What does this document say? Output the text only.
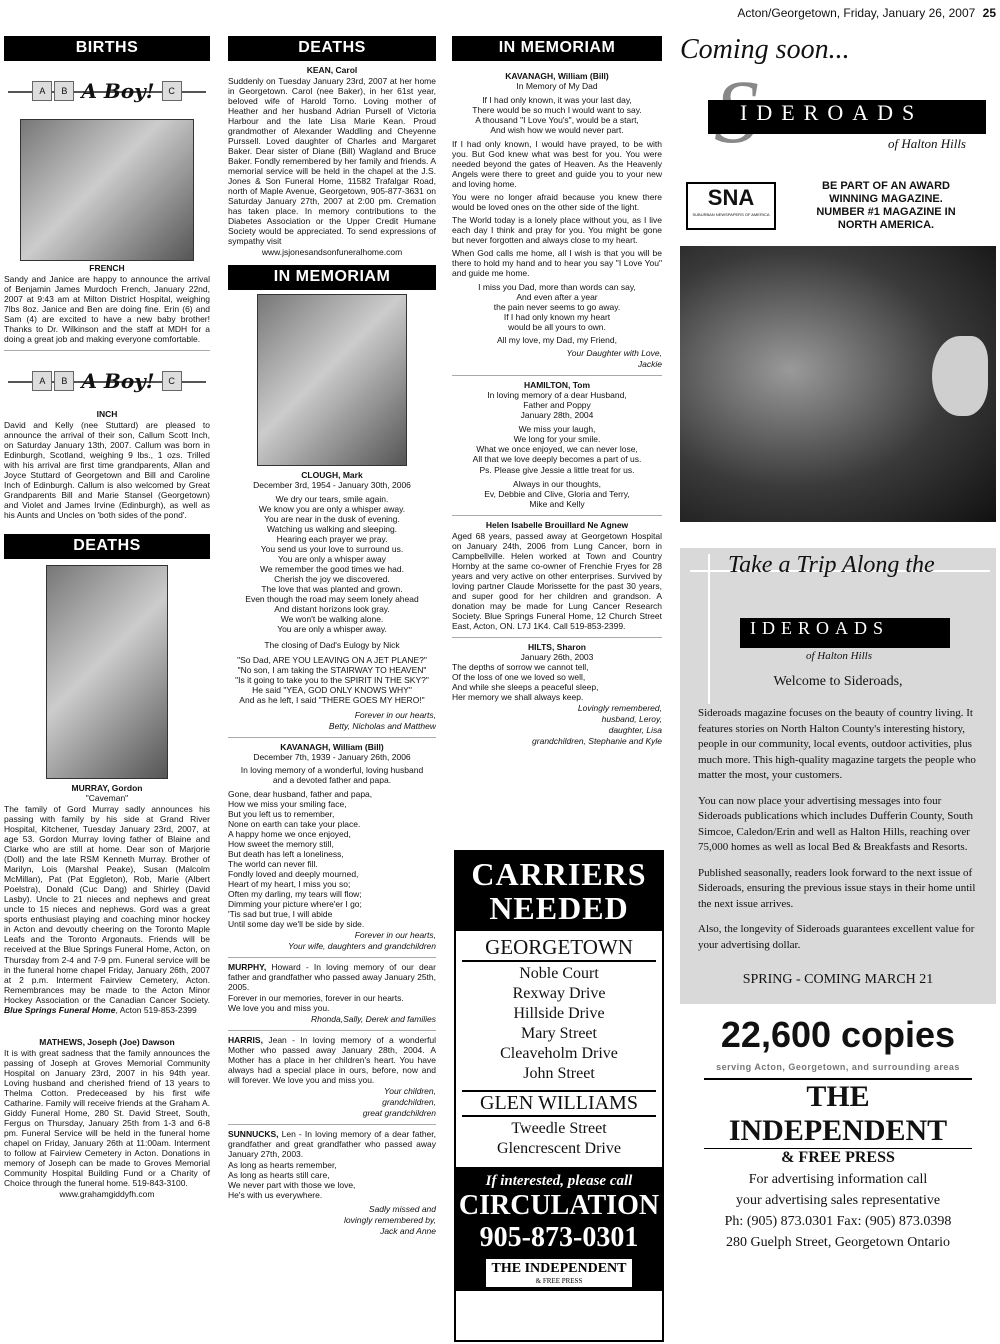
Acton/Georgetown, Friday, January 26, 2007 25
BIRTHS
A	B A Boy!	C

FRENCH

Sandy and Janice are happy to announce the arrival of Benjamin James Murdoch French, January 22nd, 2007 at 9:43 am at Milton District Hospital, weighing 7lbs 8oz. Janice and Ben are doing fine. Erin (6) and Sam (4) are excited to have a new baby brother! Thanks to Dr. Wilkinson and the staff at MDH for a doing a great job and making everyone comfortable.

A	B A Boy!	C

INCH

David and Kelly (nee Stuttard) are pleased to announce the arrival of their son, Callum Scott Inch, on Saturday January 13th, 2007. Callum was born in Edinburgh, Scotland, weighing 9 lbs., 1 ozs. Trilled with his arrival are first time grandparents, Allan and Joyce Stuttard of Georgetown and Bill and Caroline Inch of Edinburgh. Callum is also welcomed by Great Grandparents Bill and Marie Stansel (Georgetown) and Violet and James Irvine (Edinburgh), as well as his Aunts and Uncles on 'both sides of the pond'.

DEATHS

MURRAY, Gordon

"Caveman"

The family of Gord Murray sadly announces his passing with family by his side at Grand River Hospital, Kitchener, Tuesday January 23rd, 2007, at age 53. Gordon Murray loving father of Blaine and Clarke who are still at home. Dear son of Marjorie (Doll) and the late RSM Kenneth Murray. Brother of Marilyn, Lois (Marshal Peake), Susan (Malcolm McMillan), Pat (Pat Eggleton), Rob, Marie (Albert Poelstra), Donald (Cuc Dang) and Shirley (David Lasby). Uncle to 21 nieces and nephews and great uncle to 15 nieces and nephews. Gord was a great sports enthusiast playing and coaching minor hockey in Acton and devoutly cheering on the Toronto Maple Leafs and the Toronto Argonauts. Friends will be received at the Blue Springs Funeral Home, Acton, on Thursday from 2-4 and 7-9 pm. Funeral service will be in the funeral home chapel Friday, January 26th, 2007 at 2 p.m. Interment Fairview Cemetery, Acton. Remembrances may be made to the Acton Minor Hockey Association or the Canadian Cancer Society. Blue Springs Funeral Home, Acton 519-853-2399

MATHEWS, Joseph (Joe) Dawson

It is with great sadness that the family announces the passing of Joseph at Groves Memorial Community Hospital on January 23rd, 2007 in his 94th year. Loving husband and cherished friend of 13 years to Thelma Cotton. Predeceased by his first wife Catharine. Family will receive friends at the Graham A. Giddy Funeral Home, 280 St. David Street, South, Fergus on Thursday, January 25th from 1-3 and 6-8 pm. Funeral Service will be held in the funeral home chapel on Friday, January 26th at 11:00am. Interment to follow at Fairview Cemetery in Acton. Donations in memory of Joseph can be made to Groves Memorial Community Hospital Building Fund or a Charity of Choice through the funeral home. 519-843-3100.

www.grahamgiddyfh.com

DEATHS

KEAN, Carol

Suddenly on Tuesday January 23rd, 2007 at her home in Georgetown. Carol (nee Baker), in her 61st year, beloved wife of Harold Torno. Loving mother of Heather and her husband Adrian Pursell of Victoria Harbour and the late Lisa Marie Kean. Proud grandmother of Alexander Waddling and Cheyenne Purssell. Loved daughter of Charles and Margaret Baker. Dear sister of Diane (Bill) Wagland and Bruce Baker. Fondly remembered by her family and friends. A memorial service will be held in the chapel at the J.S. Jones & Son Funeral Home, 11582 Trafalgar Road, north of Maple Avenue, Georgetown, 905-877-3631 on Saturday January 27th, 2007 at 2:00 pm. Cremation has taken place. In memory contributions to the Diabetes Association or the Upper Credit Humane Society would be appreciated. To send expressions of sympathy visit

www.jsjonesandsonfuneralhome.com

IN MEMORIAM

CLOUGH, Mark

December 3rd, 1954 - January 30th, 2006

We dry our tears, smile again.

We know you are only a whisper away.

You are near in the dusk of evening.

Watching us walking and sleeping.

Hearing each prayer we pray.

You send us your love to surround us.

You are only a whisper away

We remember the good times we had.

Cherish the joy we discovered.

The love that was planted and grown.

Even though the road may seem lonely ahead

And distant horizons look gray.

We won't be walking alone.

You are only a whisper away.

The closing of Dad's Eulogy by Nick

"So Dad, ARE YOU LEAVING ON A JET PLANE?"

"No son, I am taking the STAIRWAY TO HEAVEN"

"Is it going to take you to the SPIRIT IN THE SKY?"

He said "YEA, GOD ONLY KNOWS WHY"

And as he left, I said "THERE GOES MY HERO!"

Forever in our hearts,

Betty, Nicholas and Matthew

KAVANAGH, William (Bill)

December 7th, 1939 - January 26th, 2006

In loving memory of a wonderful, loving husband

and a devoted father and papa.

Gone, dear husband, father and papa,

How we miss your smiling face,

But you left us to remember,

None on earth can take your place.

A happy home we once enjoyed,

How sweet the memory still,

But death has left a loneliness,

The world can never fill.

Fondly loved and deeply mourned,

Heart of my heart, I miss you so;

Often my darling, my tears will flow;

Dimming your picture where'er I go;

'Tis sad but true, I will abide

Until some day we'll be side by side.

Forever in our hearts,

Your wife, daughters and grandchildren

MURPHY, Howard - In loving memory of our dear father and grandfather who passed away January 25th, 2005.

Forever in our memories, forever in our hearts.

We love you and miss you.

Rhonda,Sally, Derek and families

HARRIS, Jean - In loving memory of a wonderful Mother who passed away January 28th, 2004. A Mother has a place in her children's heart. You have always had a special place in ours, before, now and will forever. We love you and miss you.

Your children,

grandchildren,

great grandchildren

SUNNUCKS, Len - In loving memory of a dear father, grandfather and great grandfather who passed away January 27th, 2003.

As long as hearts remember,

As long as hearts still care,

We never part with those we love,

He's with us everywhere.

Sadly missed and

lovingly remembered by,

Jack and Anne

IN MEMORIAM

KAVANAGH, William (Bill)

In Memory of My Dad

If I had only known, it was your last day,

There would be so much I would want to say.

A thousand "I Love You's", would be a start,

And wish how we would never part.

If I had only known, I would have prayed, to be with you. But God knew what was best for you. You were needed beyond the gates of Heaven. As the Heavenly Angels were there to greet and guide you to your new and loving home.

You were no longer afraid because you knew there would be loved ones on the other side of the light.

The World today is a lonely place without you, as I live each day I think and pray for you. You might be gone but never forgotten and always close to my heart.

When God calls me home, all I wish is that you will be there to hold my hand and to hear you say "I Love You" and guide me home.

I miss you Dad, more than words can say,

And even after a year

the pain never seems to go away.

If I had only known my heart

would be all yours to own.

All my love, my Dad, my Friend,

Your Daughter with Love,

Jackie

HAMILTON, Tom

In loving memory of a dear Husband,

Father and Poppy

January 28th, 2004

We miss your laugh,

We long for your smile.

What we once enjoyed, we can never lose,

All that we love deeply becomes a part of us.

Ps. Please give Jessie a little treat for us.

Always in our thoughts,

Ev, Debbie and Clive, Gloria and Terry,

Mike and Kelly

Helen Isabelle Brouillard Ne Agnew

Aged 68 years, passed away at Georgetown Hospital on January 24th, 2006 from Lung Cancer, born in Campbellville. Helen worked at Town and Country Hornby at the same co-owner of Frenchie Fryes for 28 years and very active on other enterprises. Survived by loving partner Claude Morissette for the past 30 years, and super good for her children and grandson. A donation may be made for Lung Cancer Research Society. Blue Springs Funeral Home, 12 Church Street East, Acton, ON. L7J 1K4. Call 519-853-2399.

HILTS, Sharon

January 26th, 2003

The depths of sorrow we cannot tell,

Of the loss of one we loved so well,

And while she sleeps a peaceful sleep,

Her memory we shall always keep.

Lovingly remembered,

husband, Leroy,

daughter, Lisa

grandchildren, Stephanie and Kyle

CARRIERS
NEEDED
GEORGETOWN
Noble Court
Rexway Drive
Hillside Drive
Mary Street
Cleaveholm Drive
John Street
GLEN WILLIAMS
Tweedle Street
Glencrescent Drive
If interested, please call
CIRCULATION
905-873-0301
THE INDEPENDENT
& FREE PRESS
Coming soon...
IDEROADS
of Halton Hills
SNA
SUBURBAN NEWSPAPERS OF AMERICA
BE PART OF AN AWARD
WINNING MAGAZINE.
NUMBER #1 MAGAZINE IN
NORTH AMERICA.
Take a Trip Along the
IDEROADS
of Halton Hills
Welcome to Sideroads,

Sideroads magazine focuses on the beauty of country living. It features stories on North Halton County's interesting history, people in our community, local events, outdoor activities, plus much more. This high-quality magazine targets the people who matter the most, your customers.

You can now place your advertising messages into four Sideroads publications which includes Dufferin County, South Simcoe, Caledon/Erin and well as Halton Hills, reaching over 75,000 homes as well as local Bed & Breakfasts and Resorts.

Published seasonally, readers look forward to the next issue of Sideroads, ensuring the previous issue stays in their home until the next issue arrives.

Also, the longevity of Sideroads guarantees excellent value for your advertising dollar.

SPRING - COMING MARCH 21
22,600 copies
serving Acton, Georgetown, and surrounding areas
THE INDEPENDENT
& FREE PRESS
For advertising information call
your advertising sales representative
Ph: (905) 873.0301 Fax: (905) 873.0398
280 Guelph Street, Georgetown Ontario
